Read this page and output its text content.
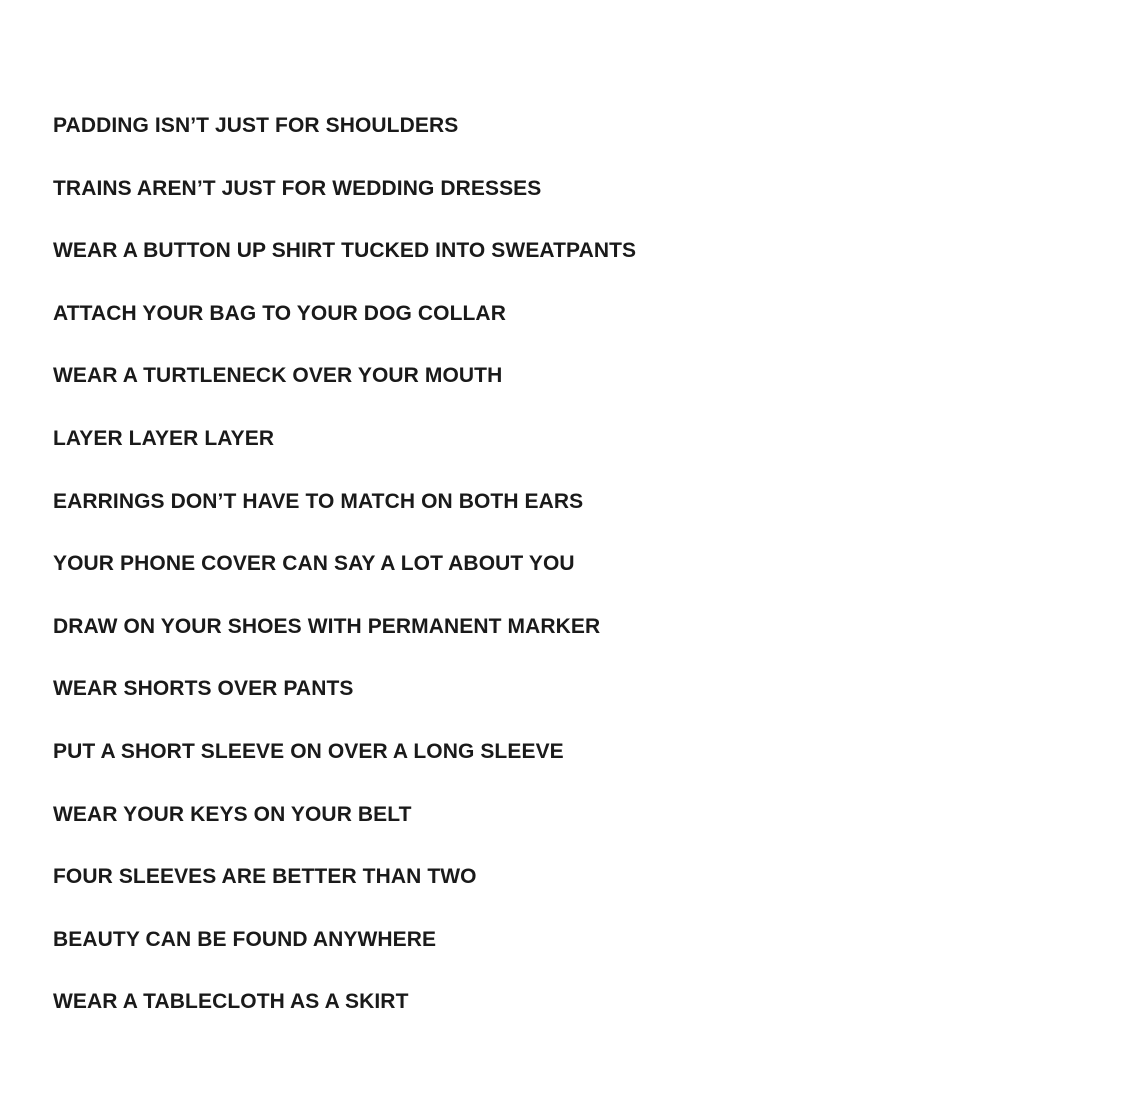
PADDING ISN’T JUST FOR SHOULDERS
TRAINS AREN’T JUST FOR WEDDING DRESSES
WEAR A BUTTON UP SHIRT TUCKED INTO SWEATPANTS
ATTACH YOUR BAG TO YOUR DOG COLLAR
WEAR A TURTLENECK OVER YOUR MOUTH
LAYER LAYER LAYER
EARRINGS DON’T HAVE TO MATCH ON BOTH EARS
YOUR PHONE COVER CAN SAY A LOT ABOUT YOU
DRAW ON YOUR SHOES WITH PERMANENT MARKER
WEAR SHORTS OVER PANTS
PUT A SHORT SLEEVE ON OVER A LONG SLEEVE
WEAR YOUR KEYS ON YOUR BELT
FOUR SLEEVES ARE BETTER THAN TWO
BEAUTY CAN BE FOUND ANYWHERE
WEAR A TABLECLOTH AS A SKIRT
